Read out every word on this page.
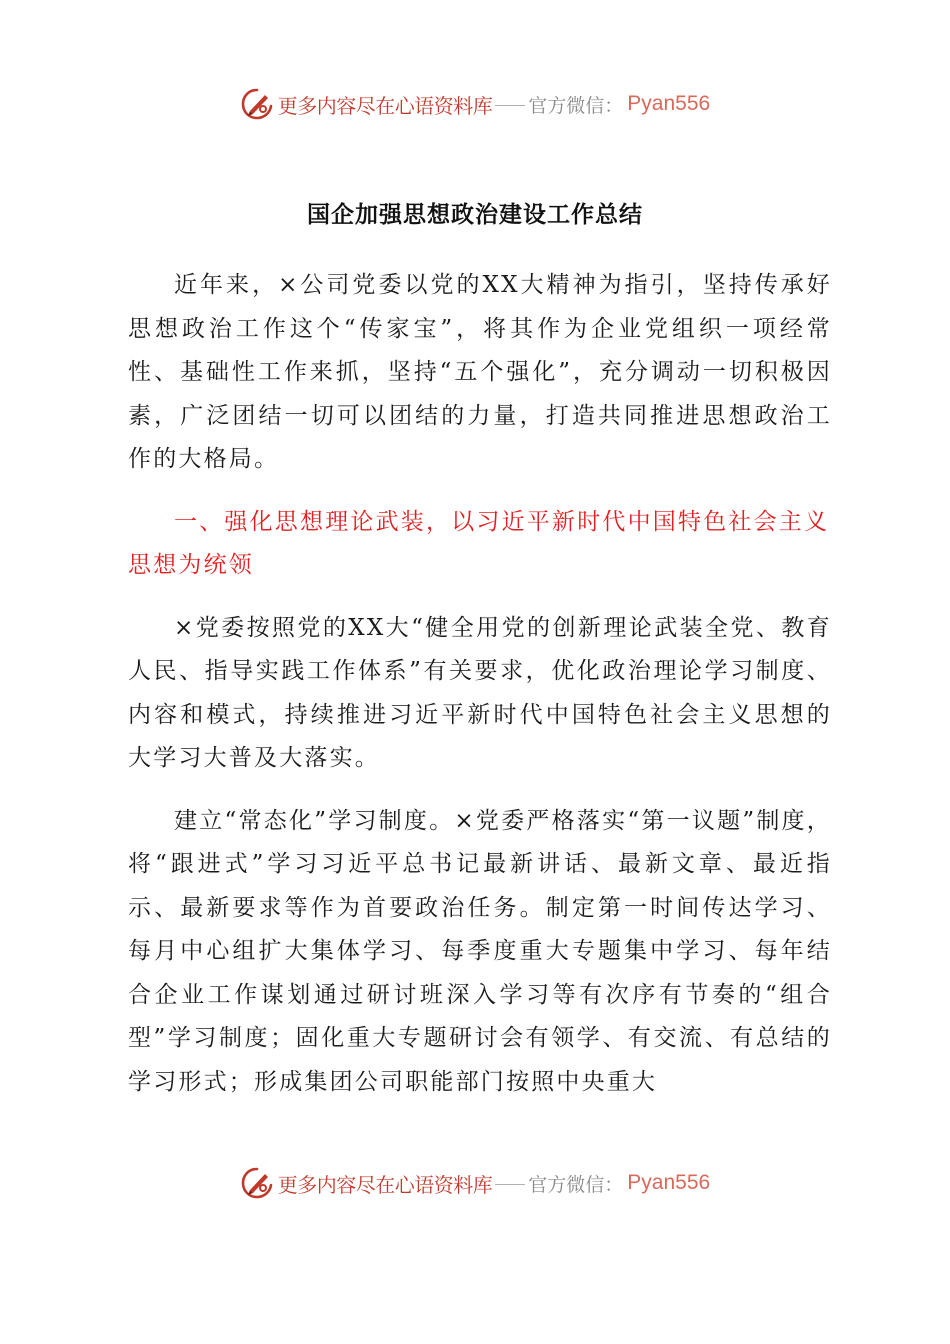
更多内容尽在心语资料库 官方微信： Pyan556
国企加强思想政治建设工作总结

近年来，×公司党委以党的XX大精神为指引，坚持传承好思想政治工作这个“传家宝”，将其作为企业党组织一项经常性、基础性工作来抓，坚持“五个强化”，充分调动一切积极因素，广泛团结一切可以团结的力量，打造共同推进思想政治工作的大格局。

一、强化思想理论武装，以习近平新时代中国特色社会主义思想为统领

×党委按照党的XX大“健全用党的创新理论武装全党、教育人民、指导实践工作体系”有关要求，优化政治理论学习制度、内容和模式，持续推进习近平新时代中国特色社会主义思想的大学习大普及大落实。

建立“常态化”学习制度。×党委严格落实“第一议题”制度，将“跟进式”学习习近平总书记最新讲话、最新文章、最近指示、最新要求等作为首要政治任务。制定第一时间传达学习、每月中心组扩大集体学习、每季度重大专题集中学习、每年结合企业工作谋划通过研讨班深入学习等有次序有节奏的“组合型”学习制度；固化重大专题研讨会有领学、有交流、有总结的学习形式；形成集团公司职能部门按照中央重大

更多内容尽在心语资料库 官方微信： Pyan556
